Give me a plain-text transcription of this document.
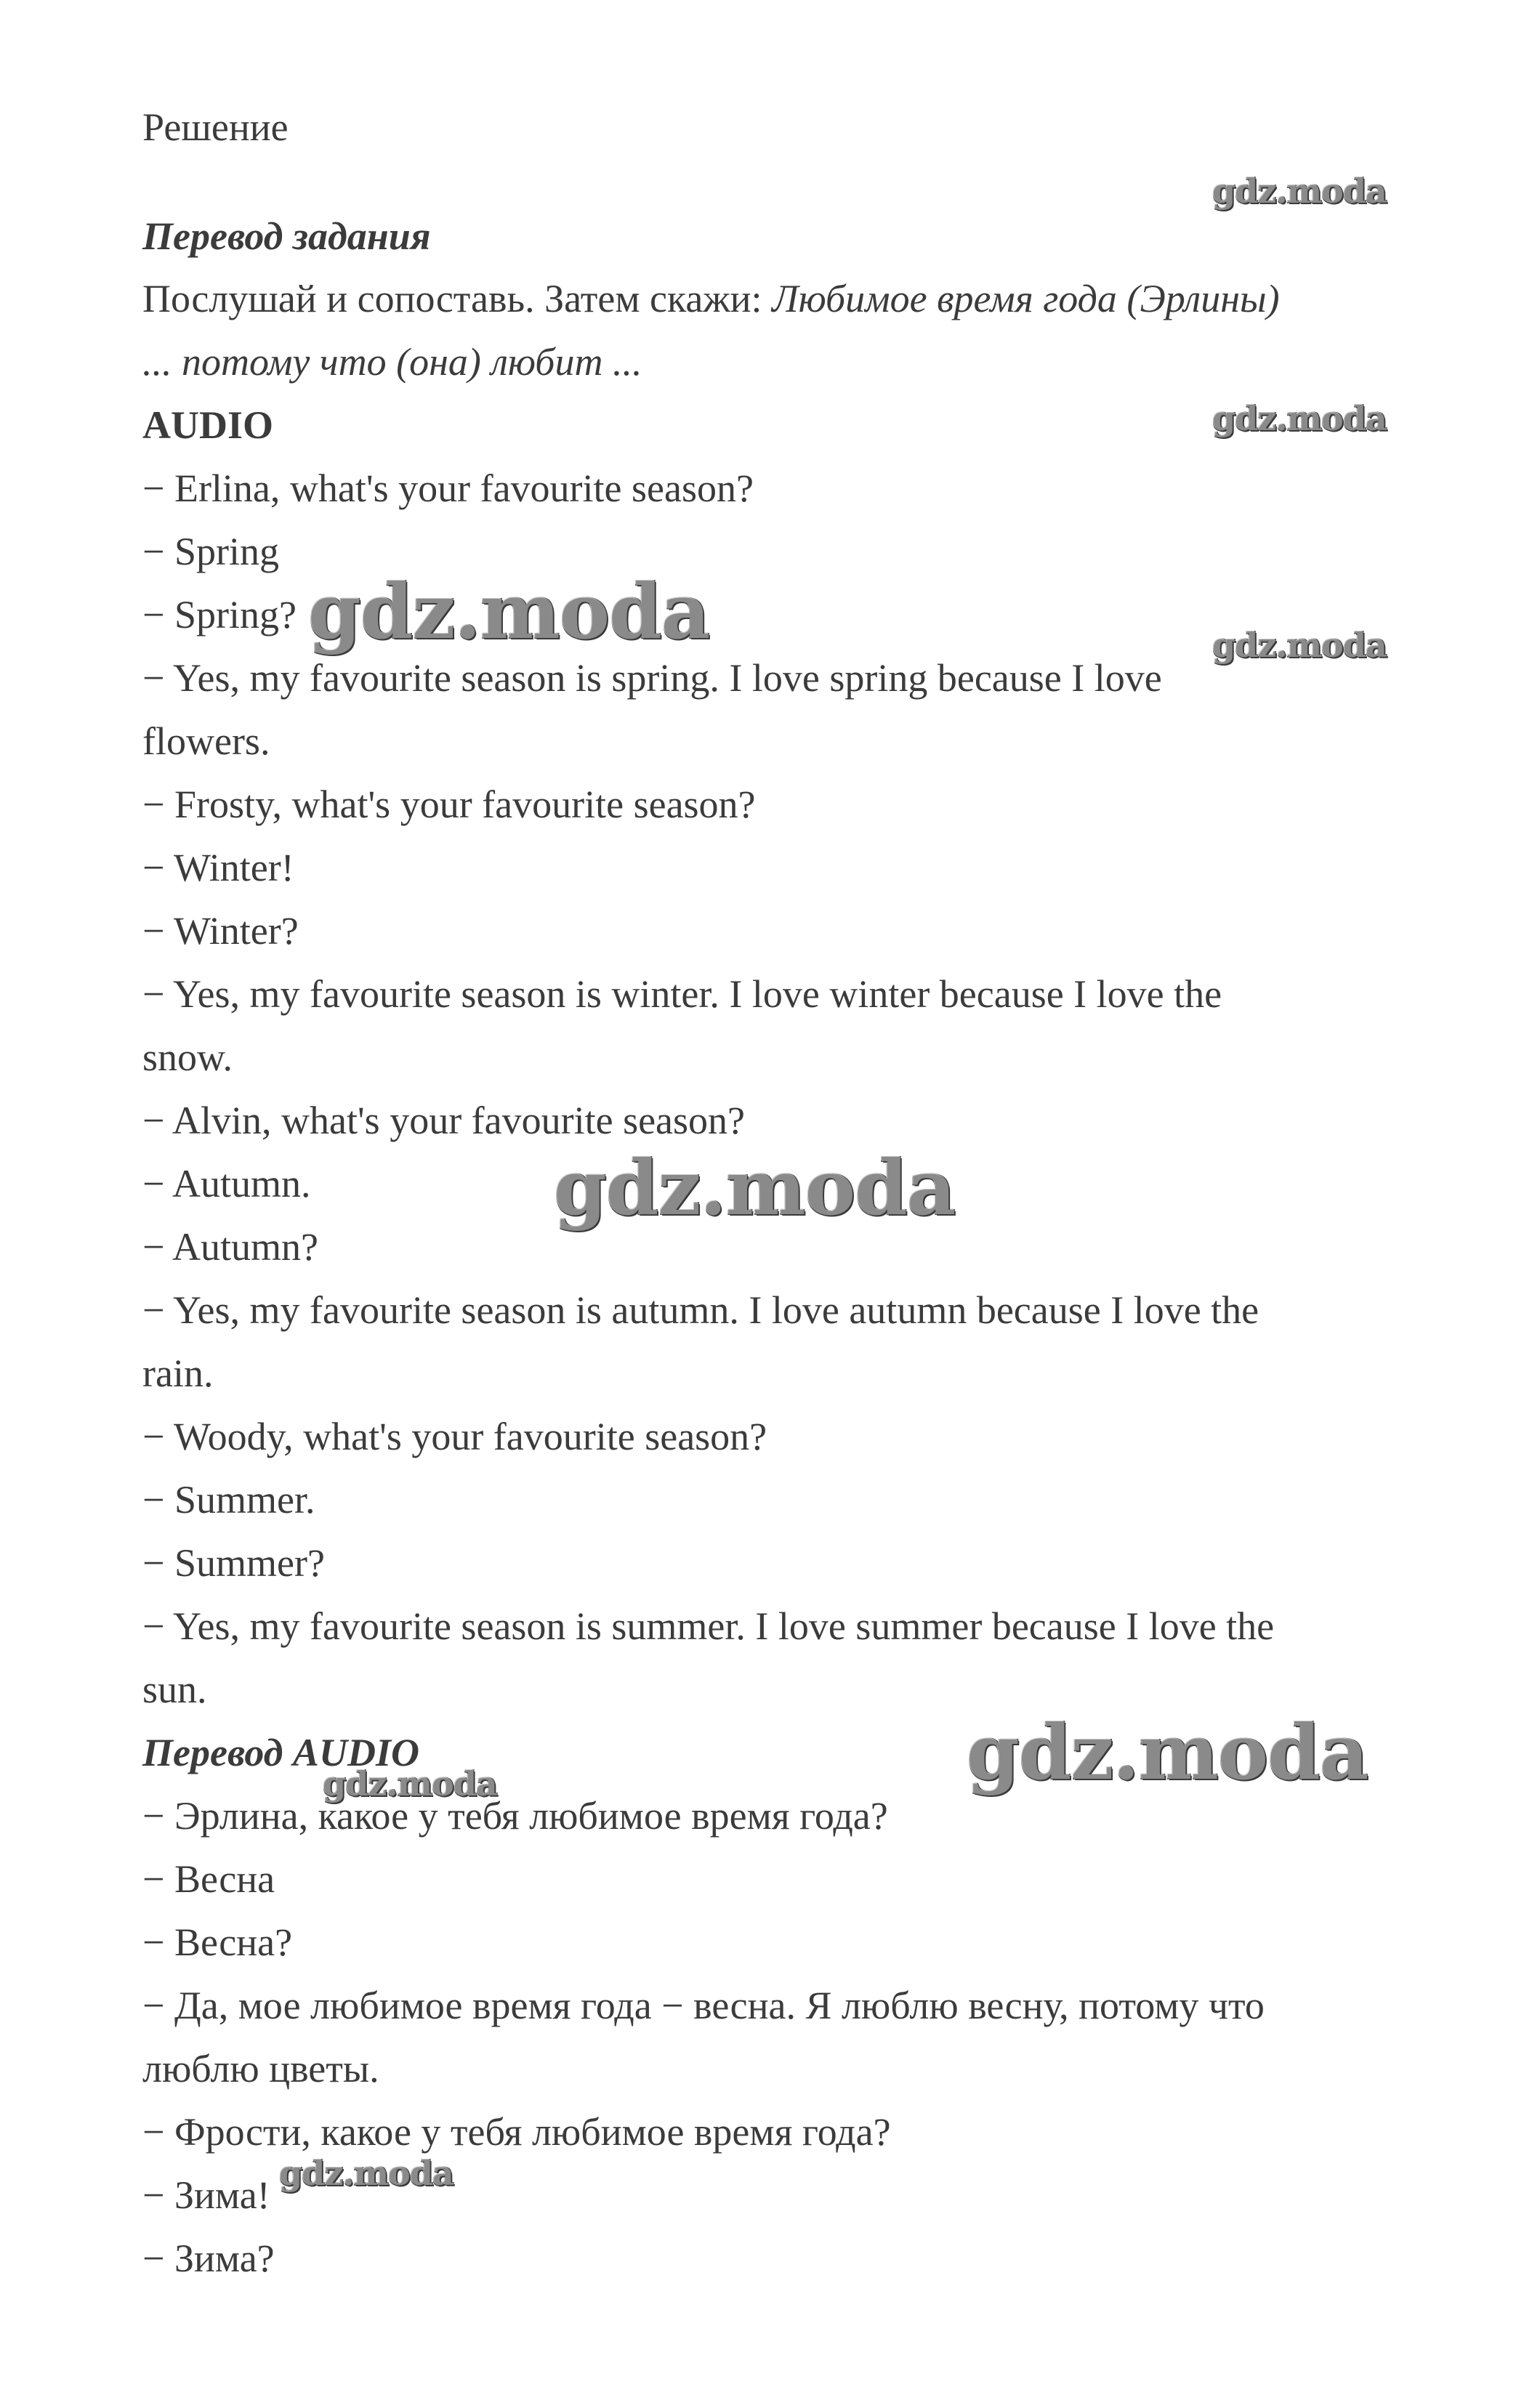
Решение
Перевод задания
Послушай и сопоставь. Затем скажи: Любимое время года (Эрлины)
... потому что (она) любит ...
AUDIO
− Erlina, what's your favourite season?
− Spring
− Spring?
− Yes, my favourite season is spring. I love spring because I love
flowers.
− Frosty, what's your favourite season?
− Winter!
− Winter?
− Yes, my favourite season is winter. I love winter because I love the
snow.
− Alvin, what's your favourite season?
− Autumn.
− Autumn?
− Yes, my favourite season is autumn. I love autumn because I love the
rain.
− Woody, what's your favourite season?
− Summer.
− Summer?
− Yes, my favourite season is summer. I love summer because I love the
sun.
Перевод AUDIO
− Эрлина, какое у тебя любимое время года?
− Весна
− Весна?
− Да, мое любимое время года − весна. Я люблю весну, потому что
люблю цветы.
− Фрости, какое у тебя любимое время года?
− Зима!
− Зима?
gdz.moda
gdz.moda
gdz.moda	gdz.moda
gdz.moda
gdz.moda
gdz.moda
gdz.moda
